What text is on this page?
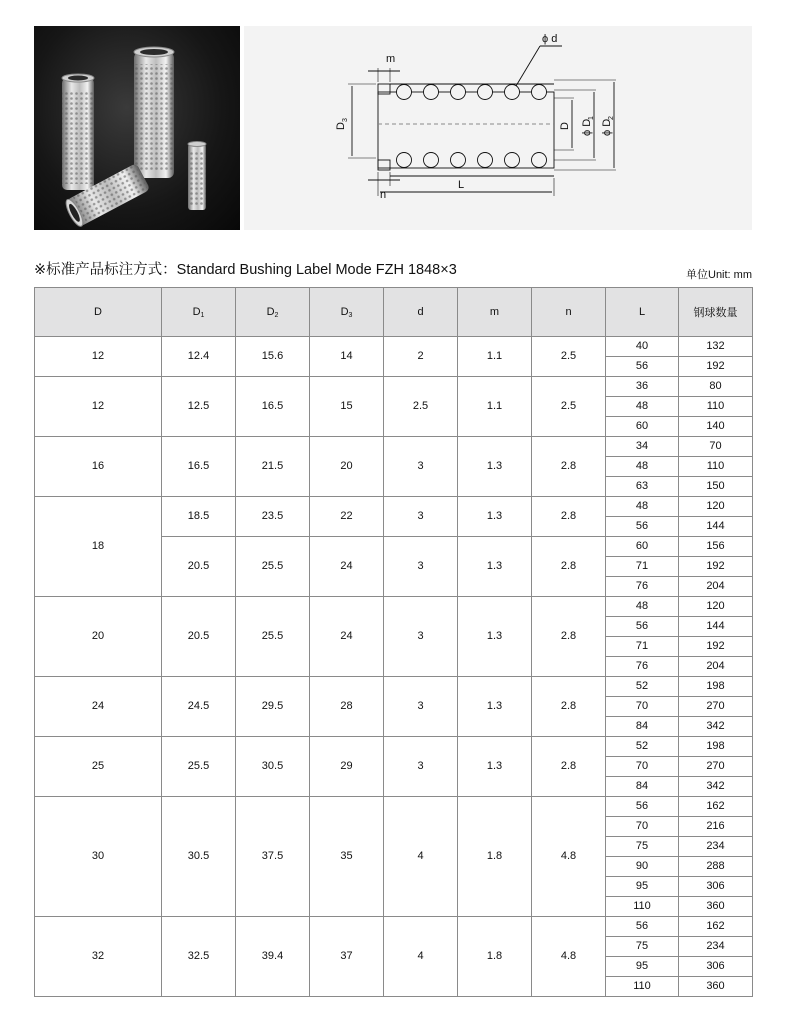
ϕ d
m
n
L
D
3
D ϕ D
1
ϕ D
2
※标准产品标注方式：Standard Bushing Label Mode FZH 1848×3	单位Unit: mm
D	$D_1$	$D_2$	$D_3$	d	m	n	L	钢球数量
12	12.4	15.6	14	2	1.1	2.5	40	132
							56	192
12	12.5	16.5	15	2.5	1.1	2.5	36	80
							48	110
							60	140
16	16.5	21.5	20	3	1.3	2.8	34	70
							48	110
							63	150
18	18.5	23.5	22	3	1.3	2.8	48	120
							56	144
	20.5	25.5	24	3	1.3	2.8	60	156
							71	192
							76	204
20	20.5	25.5	24	3	1.3	2.8	48	120
							56	144
							71	192
							76	204
24	24.5	29.5	28	3	1.3	2.8	52	198
							70	270
							84	342
25	25.5	30.5	29	3	1.3	2.8	52	198
							70	270
							84	342
30	30.5	37.5	35	4	1.8	4.8	56	162
							70	216
							75	234
							90	288
							95	306
							110	360
32	32.5	39.4	37	4	1.8	4.8	56	162
							75	234
							95	306
							110	360
